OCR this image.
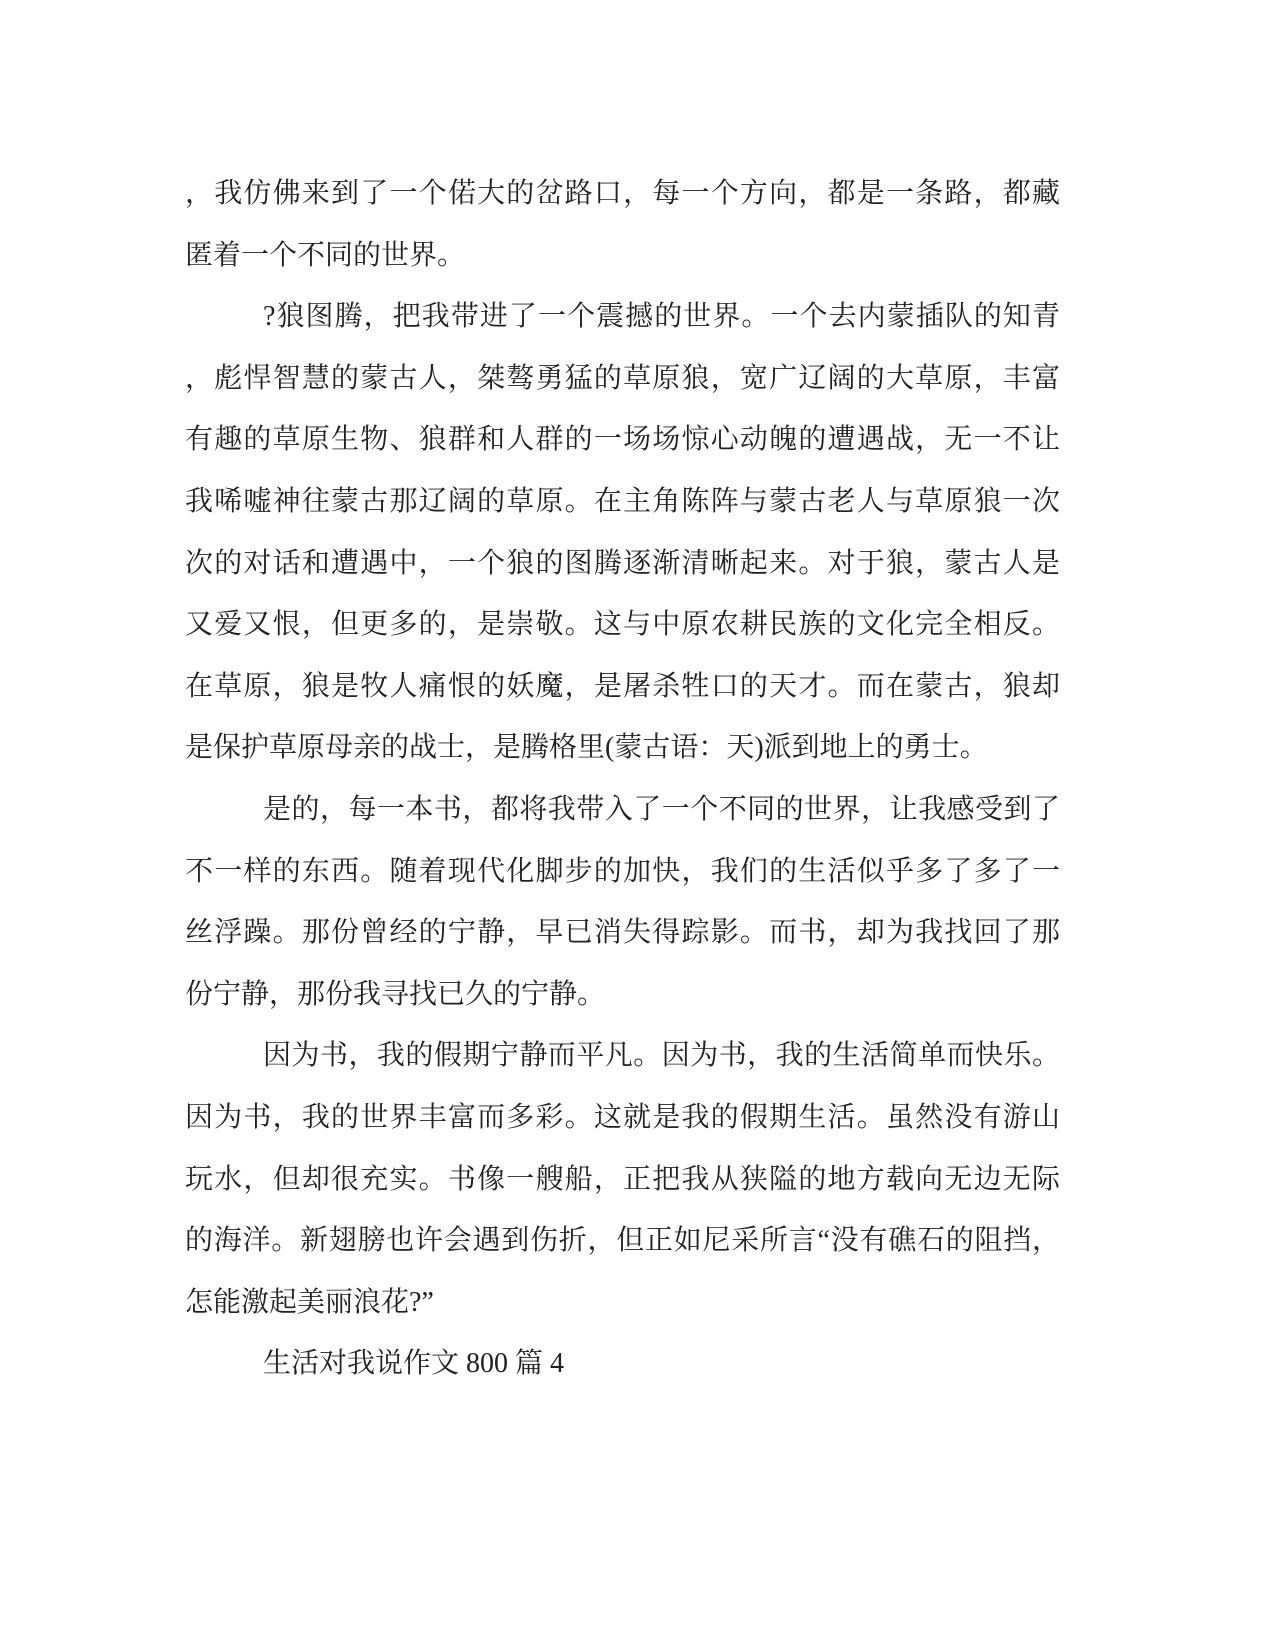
，我仿佛来到了一个偌大的岔路口，每一个方向，都是一条路，都藏
匿着一个不同的世界。
?狼图腾，把我带进了一个震撼的世界。一个去内蒙插队的知青
，彪悍智慧的蒙古人，桀骜勇猛的草原狼，宽广辽阔的大草原，丰富
有趣的草原生物、狼群和人群的一场场惊心动魄的遭遇战，无一不让
我唏嘘神往蒙古那辽阔的草原。在主角陈阵与蒙古老人与草原狼一次
次的对话和遭遇中，一个狼的图腾逐渐清晰起来。对于狼，蒙古人是
又爱又恨，但更多的，是崇敬。这与中原农耕民族的文化完全相反。
在草原，狼是牧人痛恨的妖魔，是屠杀牲口的天才。而在蒙古，狼却
是保护草原母亲的战士，是腾格里(蒙古语：天)派到地上的勇士。
是的，每一本书，都将我带入了一个不同的世界，让我感受到了
不一样的东西。随着现代化脚步的加快，我们的生活似乎多了多了一
丝浮躁。那份曾经的宁静，早已消失得踪影。而书，却为我找回了那
份宁静，那份我寻找已久的宁静。
因为书，我的假期宁静而平凡。因为书，我的生活简单而快乐。
因为书，我的世界丰富而多彩。这就是我的假期生活。虽然没有游山
玩水，但却很充实。书像一艘船，正把我从狭隘的地方载向无边无际
的海洋。新翅膀也许会遇到伤折，但正如尼采所言“没有礁石的阻挡，
怎能激起美丽浪花?”
生活对我说作文 800 篇 4
